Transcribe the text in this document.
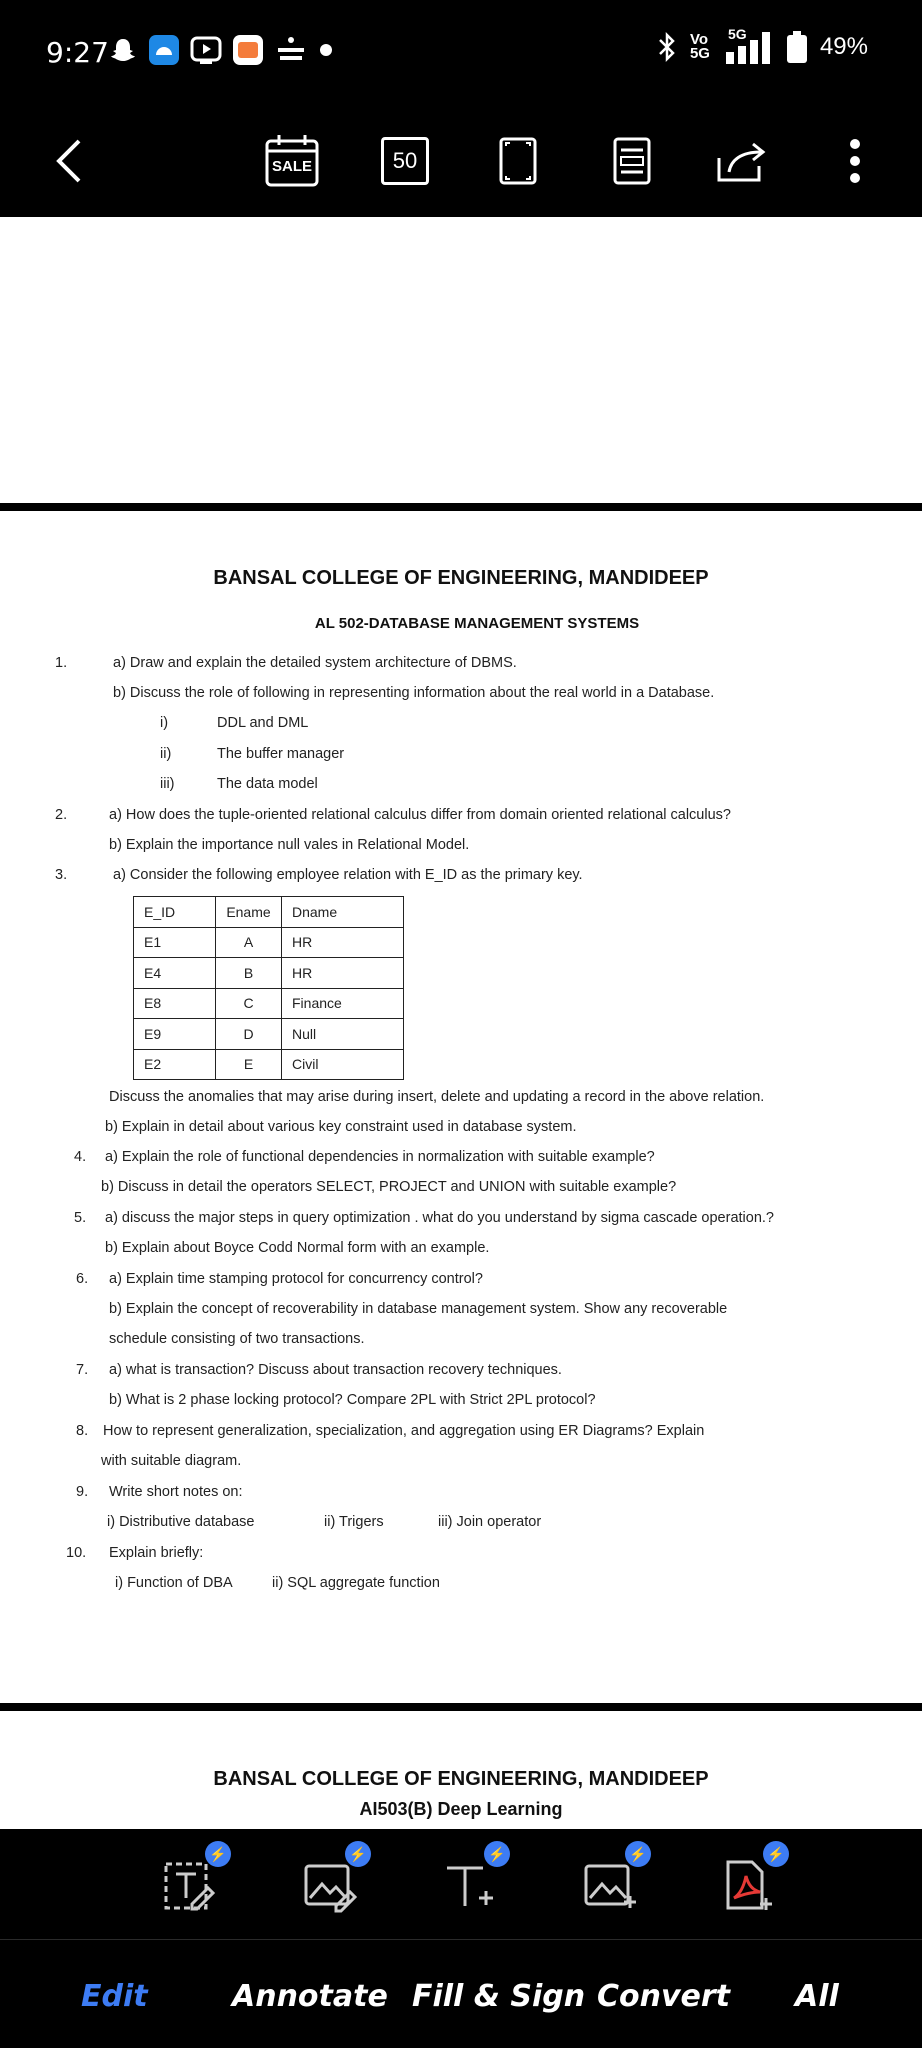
9:27	Vo 5G
5G	49%
SALE	50
BANSAL COLLEGE OF ENGINEERING, MANDIDEEP
AL 502-DATABASE MANAGEMENT SYSTEMS
1.	a) Draw and explain the detailed system architecture of DBMS.
b) Discuss the role of following in representing information about the real world in a Database.
i)	DDL and DML
ii)	The buffer manager
iii)	The data model
2.	a) How does the tuple-oriented relational calculus differ from domain oriented relational calculus?
b) Explain the importance null vales in Relational Model.
3.	a) Consider the following employee relation with E_ID as the primary key.
E_ID	Ename	Dname
E1	A	HR
E4	B	HR
E8	C	Finance
E9	D	Null
E2	E	Civil
Discuss the anomalies that may arise during insert, delete and updating a record in the above relation.
b) Explain in detail about various key constraint used in database system.
4. a) Explain the role of functional dependencies in normalization with suitable example?
b) Discuss in detail the operators SELECT, PROJECT and UNION with suitable example?
5. a) discuss the major steps in query optimization . what do you understand by sigma cascade operation.?
b) Explain about Boyce Codd Normal form with an example.
6. a) Explain time stamping protocol for concurrency control?
b) Explain the concept of recoverability in database management system. Show any recoverable
schedule consisting of two transactions.
7. a) what is transaction? Discuss about transaction recovery techniques.
b) What is 2 phase locking protocol? Compare 2PL with Strict 2PL protocol?
8. How to represent generalization, specialization, and aggregation using ER Diagrams? Explain
with suitable diagram.
9. Write short notes on:
i) Distributive database	ii) Trigers	iii) Join operator
10. Explain briefly:
i) Function of DBA	ii) SQL aggregate function
BANSAL COLLEGE OF ENGINEERING, MANDIDEEP
AI503(B) Deep Learning
⚡	⚡	⚡	⚡	⚡
Edit	Annotate Fill & Sign Convert All
